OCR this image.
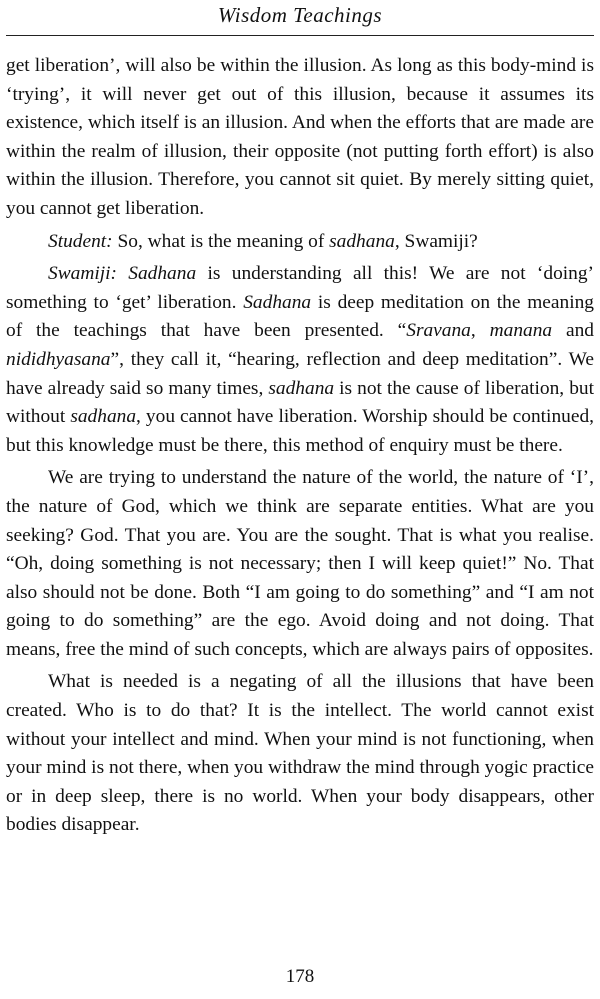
Wisdom Teachings

get liberation’, will also be within the illusion. As long as this body-mind is ‘trying’, it will never get out of this illusion, because it assumes its existence, which itself is an illusion. And when the efforts that are made are within the realm of illusion, their opposite (not putting forth effort) is also within the illusion. Therefore, you cannot sit quiet. By merely sitting quiet, you cannot get liberation.

Student: So, what is the meaning of sadhana, Swamiji?

Swamiji: Sadhana is understanding all this! We are not ‘doing’ something to ‘get’ liberation. Sadhana is deep meditation on the meaning of the teachings that have been presented. “Sravana, manana and nididhyasana”, they call it, “hearing, reflection and deep meditation”. We have already said so many times, sadhana is not the cause of liberation, but without sadhana, you cannot have liberation. Worship should be continued, but this knowledge must be there, this method of enquiry must be there.

We are trying to understand the nature of the world, the nature of ‘I’, the nature of God, which we think are separate entities. What are you seeking? God. That you are. You are the sought. That is what you realise. “Oh, doing something is not necessary; then I will keep quiet!” No. That also should not be done. Both “I am going to do something” and “I am not going to do something” are the ego. Avoid doing and not doing. That means, free the mind of such concepts, which are always pairs of opposites.

What is needed is a negating of all the illusions that have been created. Who is to do that? It is the intellect. The world cannot exist without your intellect and mind. When your mind is not functioning, when your mind is not there, when you withdraw the mind through yogic practice or in deep sleep, there is no world. When your body disappears, other bodies disappear.

178
